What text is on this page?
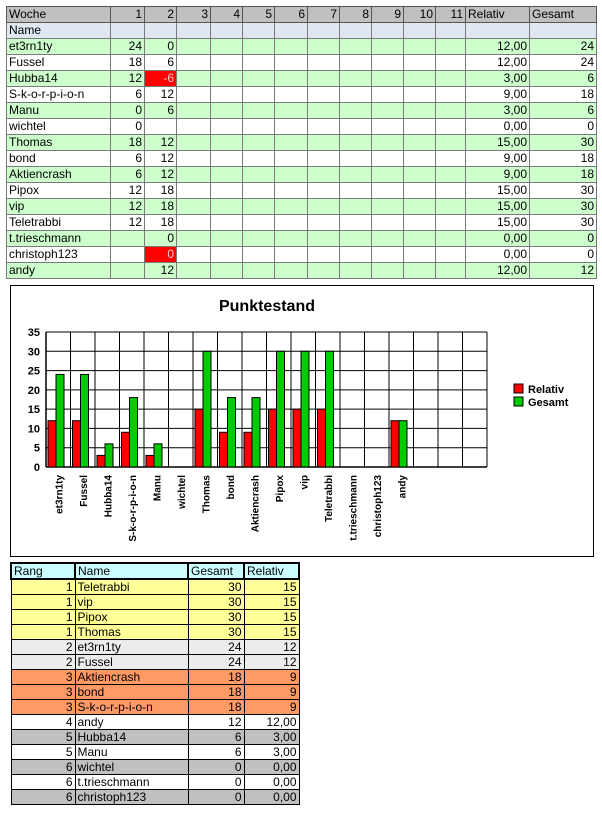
Woche	1	2	3	4	5	6	7	8	9	10	11	Relativ	Gesamt
Name													
et3rn1ty	24	0										12,00	24
Fussel	18	6										12,00	24
Hubba14	12	-6										3,00	6
S-k-o-r-p-i-o-n	6	12										9,00	18
Manu	0	6										3,00	6
wichtel	0											0,00	0
Thomas	18	12										15,00	30
bond	6	12										9,00	18
Aktiencrash	6	12										9,00	18
Pipox	12	18										15,00	30
vip	12	18										15,00	30
Teletrabbi	12	18										15,00	30
t.trieschmann		0										0,00	0
christoph123		0										0,00	0
andy		12										12,00	12
Punktestand
0
5
10
15
20
25
30
35
et3rn1ty Fussel Hubba14 S-k-o-r-p-i-o-n Manu wichtel Thomas bond Aktiencrash Pipox vip Teletrabbi t.trieschmann christoph123 andy
Relativ
Gesamt
Rang	Name	Gesamt	Relativ
1	Teletrabbi	30	15
1	vip	30	15
1	Pipox	30	15
1	Thomas	30	15
2	et3rn1ty	24	12
2	Fussel	24	12
3	Aktiencrash	18	9
3	bond	18	9
3	S-k-o-r-p-i-o-n	18	9
4	andy	12	12,00
5	Hubba14	6	3,00
5	Manu	6	3,00
6	wichtel	0	0,00
6	t.trieschmann	0	0,00
6	christoph123	0	0,00
